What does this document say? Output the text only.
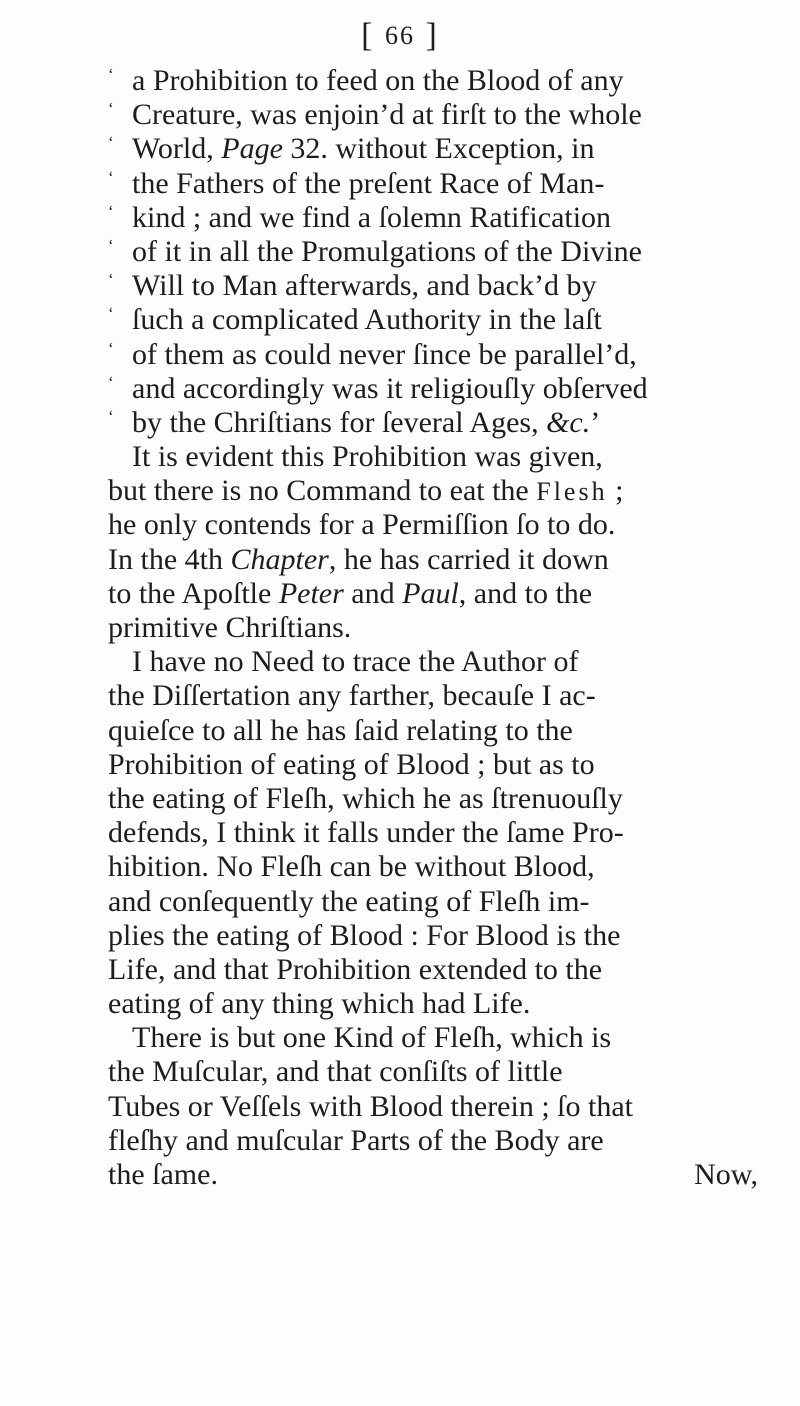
[ 66 ]
‘ a Prohibition to feed on the Blood of any
‘ Creature, was enjoin’d at firſt to the whole
‘ World, Page 32. without Exception, in
‘ the Fathers of the preſent Race of Man-
‘ kind ; and we find a ſolemn Ratification
‘ of it in all the Promulgations of the Divine
‘ Will to Man afterwards, and back’d by
‘ ſuch a complicated Authority in the laſt
‘ of them as could never ſince be parallel’d,
‘ and accordingly was it religiouſly obſerved
‘ by the Chriſtians for ſeveral Ages, &c.’
It is evident this Prohibition was given,
but there is no Command to eat the Flesh ;
he only contends for a Permiſſion ſo to do.
In the 4th Chapter, he has carried it down
to the Apoſtle Peter and Paul, and to the
primitive Chriſtians.
I have no Need to trace the Author of
the Diſſertation any farther, becauſe I ac-
quieſce to all he has ſaid relating to the
Prohibition of eating of Blood ; but as to
the eating of Fleſh, which he as ſtrenuouſly
defends, I think it falls under the ſame Pro-
hibition. No Fleſh can be without Blood,
and conſequently the eating of Fleſh im-
plies the eating of Blood : For Blood is the
Life, and that Prohibition extended to the
eating of any thing which had Life.
There is but one Kind of Fleſh, which is
the Muſcular, and that conſiſts of little
Tubes or Veſſels with Blood therein ; ſo that
fleſhy and muſcular Parts of the Body are
the ſame.	Now,
